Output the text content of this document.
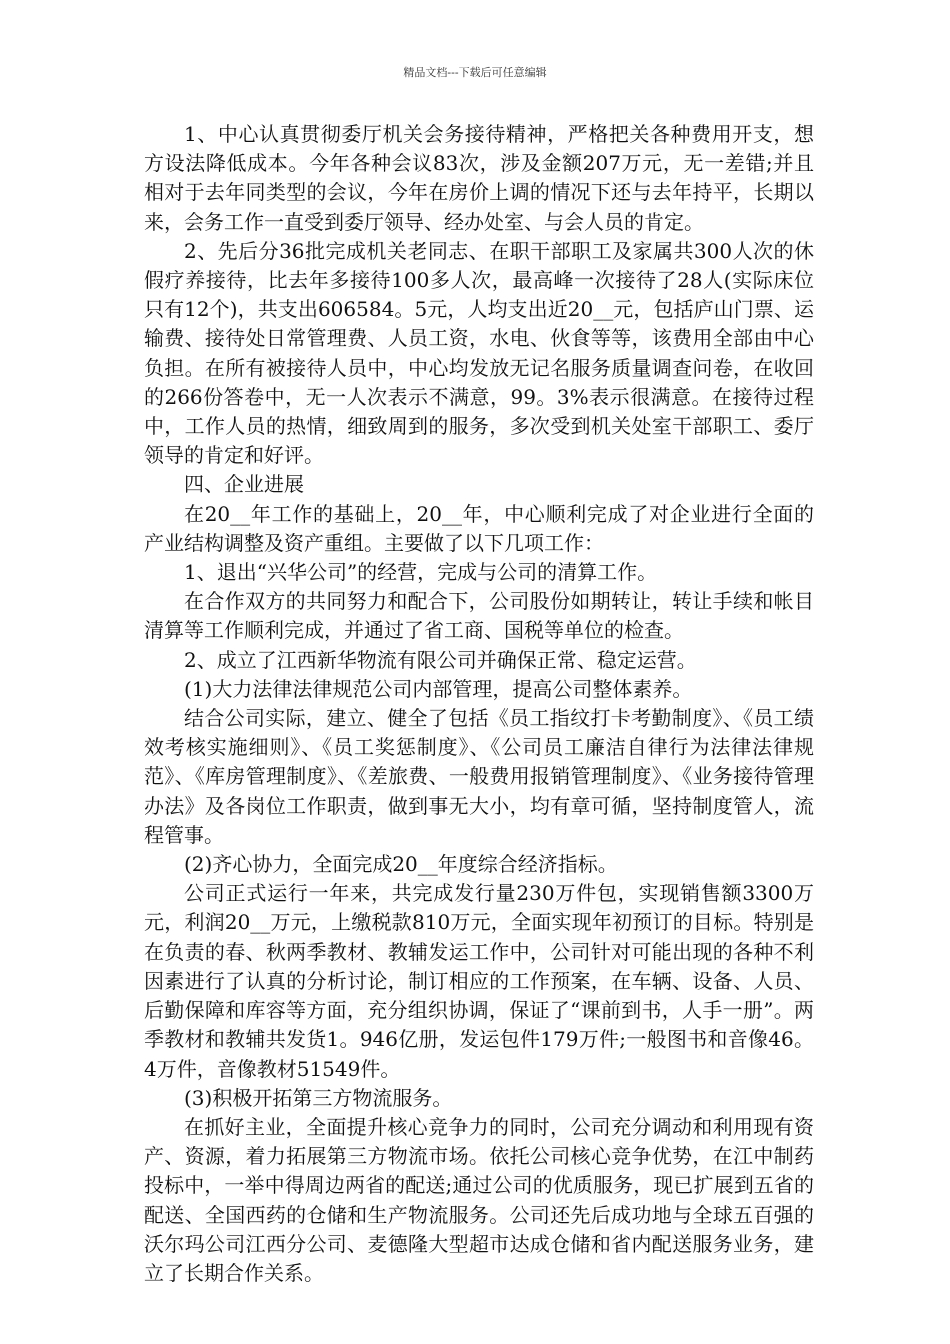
精品文档---下载后可任意编辑

1、中心认真贯彻委厅机关会务接待精神，严格把关各种费用开支，想方设法降低成本。今年各种会议83次，涉及金额207万元，无一差错;并且相对于去年同类型的会议，今年在房价上调的情况下还与去年持平，长期以来，会务工作一直受到委厅领导、经办处室、与会人员的肯定。

2、先后分36批完成机关老同志、在职干部职工及家属共300人次的休假疗养接待，比去年多接待100多人次，最高峰一次接待了28人(实际床位只有12个)，共支出606584。5元，人均支出近20__元，包括庐山门票、运输费、接待处日常管理费、人员工资，水电、伙食等等，该费用全部由中心负担。在所有被接待人员中，中心均发放无记名服务质量调查问卷，在收回的266份答卷中，无一人次表示不满意，99。3%表示很满意。在接待过程中，工作人员的热情，细致周到的服务，多次受到机关处室干部职工、委厅领导的肯定和好评。

四、企业进展

在20__年工作的基础上，20__年，中心顺利完成了对企业进行全面的产业结构调整及资产重组。主要做了以下几项工作：

1、退出“兴华公司”的经营，完成与公司的清算工作。

在合作双方的共同努力和配合下，公司股份如期转让，转让手续和帐目清算等工作顺利完成，并通过了省工商、国税等单位的检查。

2、成立了江西新华物流有限公司并确保正常、稳定运营。

(1)大力法律法律规范公司内部管理，提高公司整体素养。

结合公司实际，建立、健全了包括《员工指纹打卡考勤制度》、《员工绩效考核实施细则》、《员工奖惩制度》、《公司员工廉洁自律行为法律法律规范》、《库房管理制度》、《差旅费、一般费用报销管理制度》、《业务接待管理办法》及各岗位工作职责，做到事无大小，均有章可循，坚持制度管人，流程管事。

(2)齐心协力，全面完成20__年度综合经济指标。

公司正式运行一年来，共完成发行量230万件包，实现销售额3300万元，利润20__万元，上缴税款810万元，全面实现年初预订的目标。特别是在负责的春、秋两季教材、教辅发运工作中，公司针对可能出现的各种不利因素进行了认真的分析讨论，制订相应的工作预案，在车辆、设备、人员、后勤保障和库容等方面，充分组织协调，保证了“课前到书，人手一册”。两季教材和教辅共发货1。946亿册，发运包件179万件;一般图书和音像46。4万件，音像教材51549件。

(3)积极开拓第三方物流服务。

在抓好主业，全面提升核心竞争力的同时，公司充分调动和利用现有资产、资源，着力拓展第三方物流市场。依托公司核心竞争优势，在江中制药投标中，一举中得周边两省的配送;通过公司的优质服务，现已扩展到五省的配送、全国西药的仓储和生产物流服务。公司还先后成功地与全球五百强的沃尔玛公司江西分公司、麦德隆大型超市达成仓储和省内配送服务业务，建立了长期合作关系。
